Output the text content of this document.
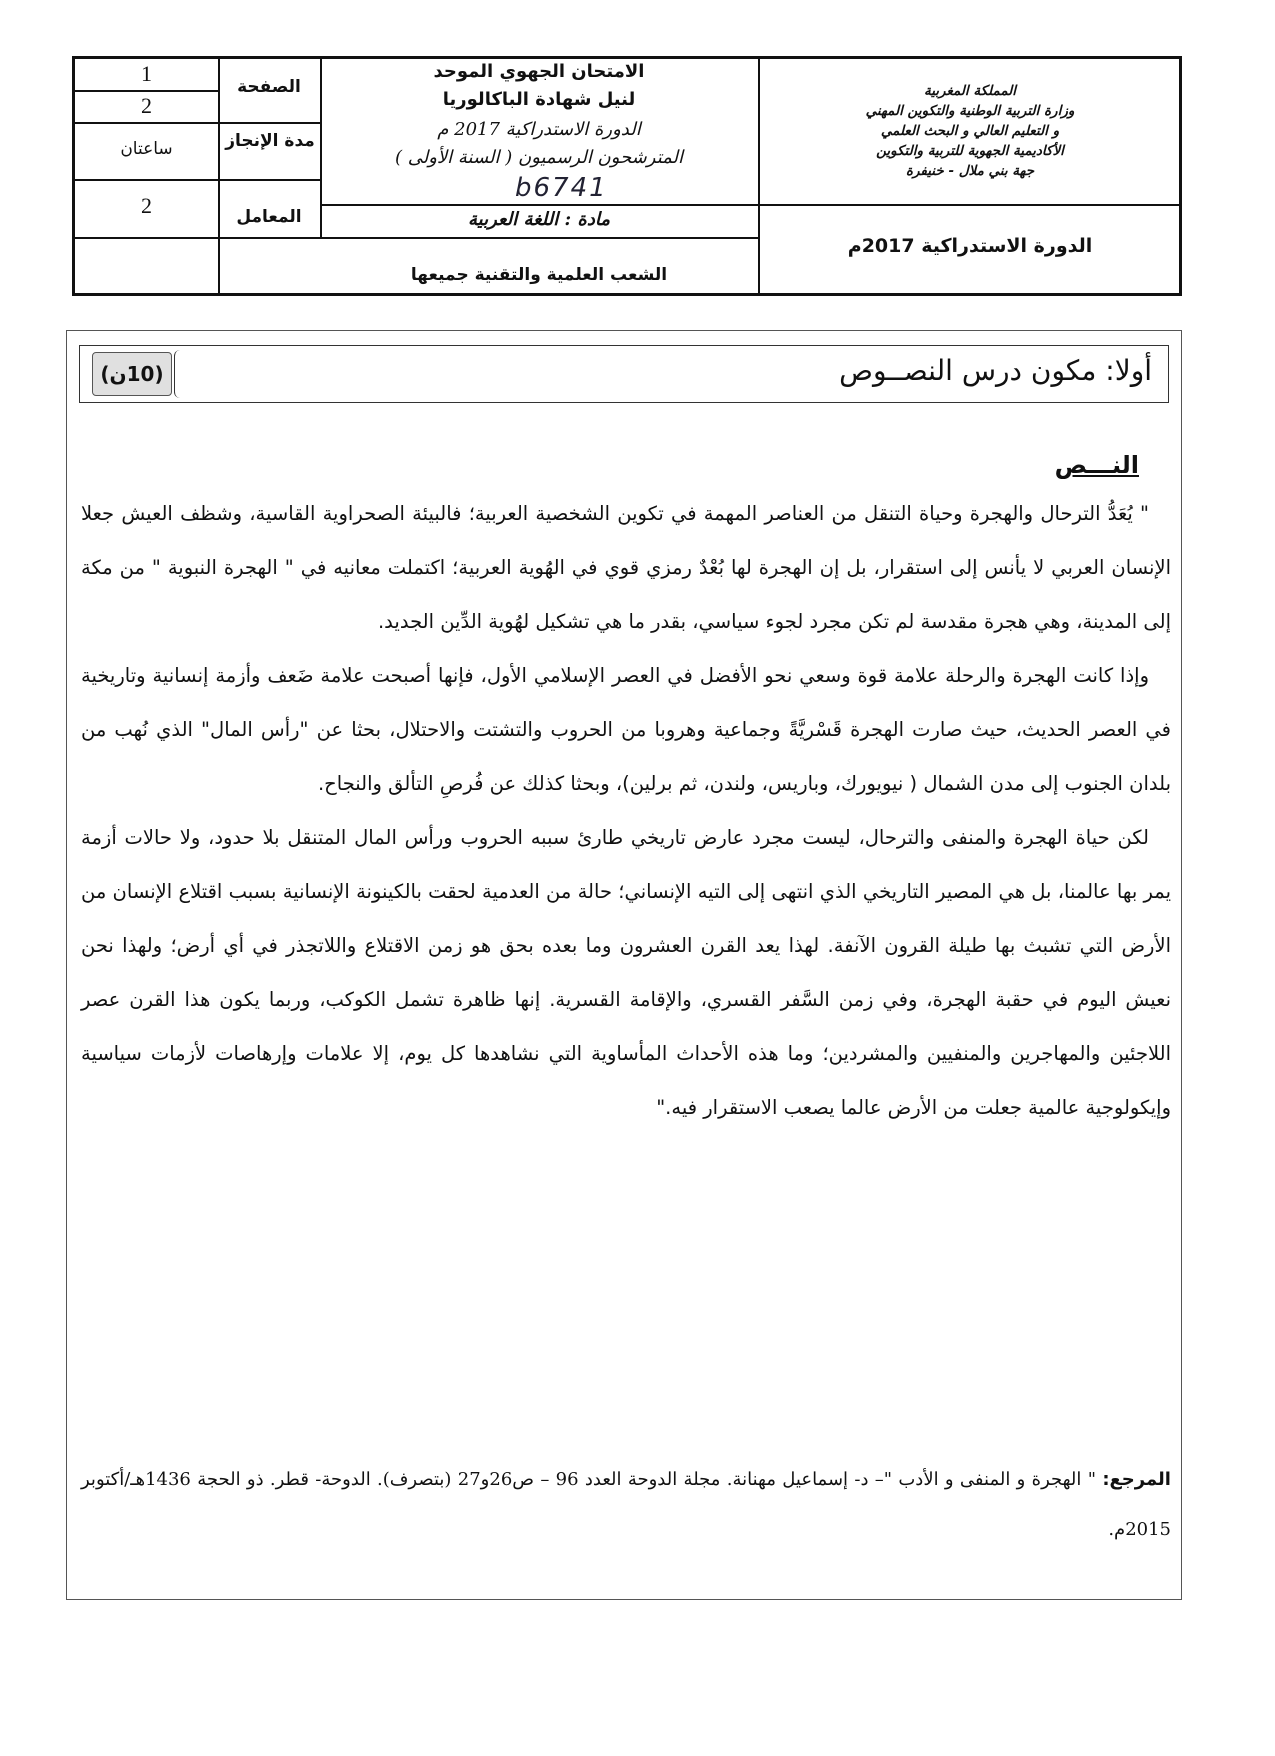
1
2
الصفحة
ساعتان	مدة الإنجاز
2	المعامل
الامتحان الجهوي الموحد
لنيل شهادة الباكالوريا
الدورة الاستدراكية 2017 م
المترشحون الرسميون ( السنة الأولى )
b6741
مادة : اللغة العربية
الشعب العلمية والتقنية جميعها
المملكة المغربية
وزارة التربية الوطنية والتكوين المهني
و التعليم العالي و البحث العلمي
الأكاديمية الجهوية للتربية والتكوين
جهة بني ملال - خنيفرة
الدورة الاستدراكية 2017م
(10ن)	أولا: مكون درس النصــوص
النـــص

" يُعَدُّ الترحال والهجرة وحياة التنقل من العناصر المهمة في تكوين الشخصية العربية؛ فالبيئة الصحراوية القاسية، وشظف العيش جعلا الإنسان العربي لا يأنس إلى استقرار، بل إن الهجرة لها بُعْدٌ رمزي قوي في الهُوية العربية؛ اكتملت معانيه في " الهجرة النبوية " من مكة إلى المدينة، وهي هجرة مقدسة لم تكن مجرد لجوء سياسي، بقدر ما هي تشكيل لهُوية الدِّين الجديد.

وإذا كانت الهجرة والرحلة علامة قوة وسعي نحو الأفضل في العصر الإسلامي الأول، فإنها أصبحت علامة ضَعف وأزمة إنسانية وتاريخية في العصر الحديث، حيث صارت الهجرة قَسْريَّةً وجماعية وهروبا من الحروب والتشتت والاحتلال، بحثا عن "رأس المال" الذي نُهب من بلدان الجنوب إلى مدن الشمال ( نيويورك، وباريس، ولندن، ثم برلين)، وبحثا كذلك عن فُرصِ التألق والنجاح.

لكن حياة الهجرة والمنفى والترحال، ليست مجرد عارض تاريخي طارئ سببه الحروب ورأس المال المتنقل بلا حدود، ولا حالات أزمة يمر بها عالمنا، بل هي المصير التاريخي الذي انتهى إلى التيه الإنساني؛ حالة من العدمية لحقت بالكينونة الإنسانية بسبب اقتلاع الإنسان من الأرض التي تشبث بها طيلة القرون الآنفة. لهذا يعد القرن العشرون وما بعده بحق هو زمن الاقتلاع واللاتجذر في أي أرض؛ ولهذا نحن نعيش اليوم في حقبة الهجرة، وفي زمن السَّفر القسري، والإقامة القسرية. إنها ظاهرة تشمل الكوكب، وربما يكون هذا القرن عصر اللاجئين والمهاجرين والمنفيين والمشردين؛ وما هذه الأحداث المأساوية التي نشاهدها كل يوم، إلا علامات وإرهاصات لأزمات سياسية وإيكولوجية عالمية جعلت من الأرض عالما يصعب الاستقرار فيه."

المرجع: " الهجرة و المنفى و الأدب "– د- إسماعيل مهنانة. مجلة الدوحة العدد 96 – ص26و27 (بتصرف). الدوحة- قطر. ذو الحجة 1436هـ/أكتوبر 2015م.
